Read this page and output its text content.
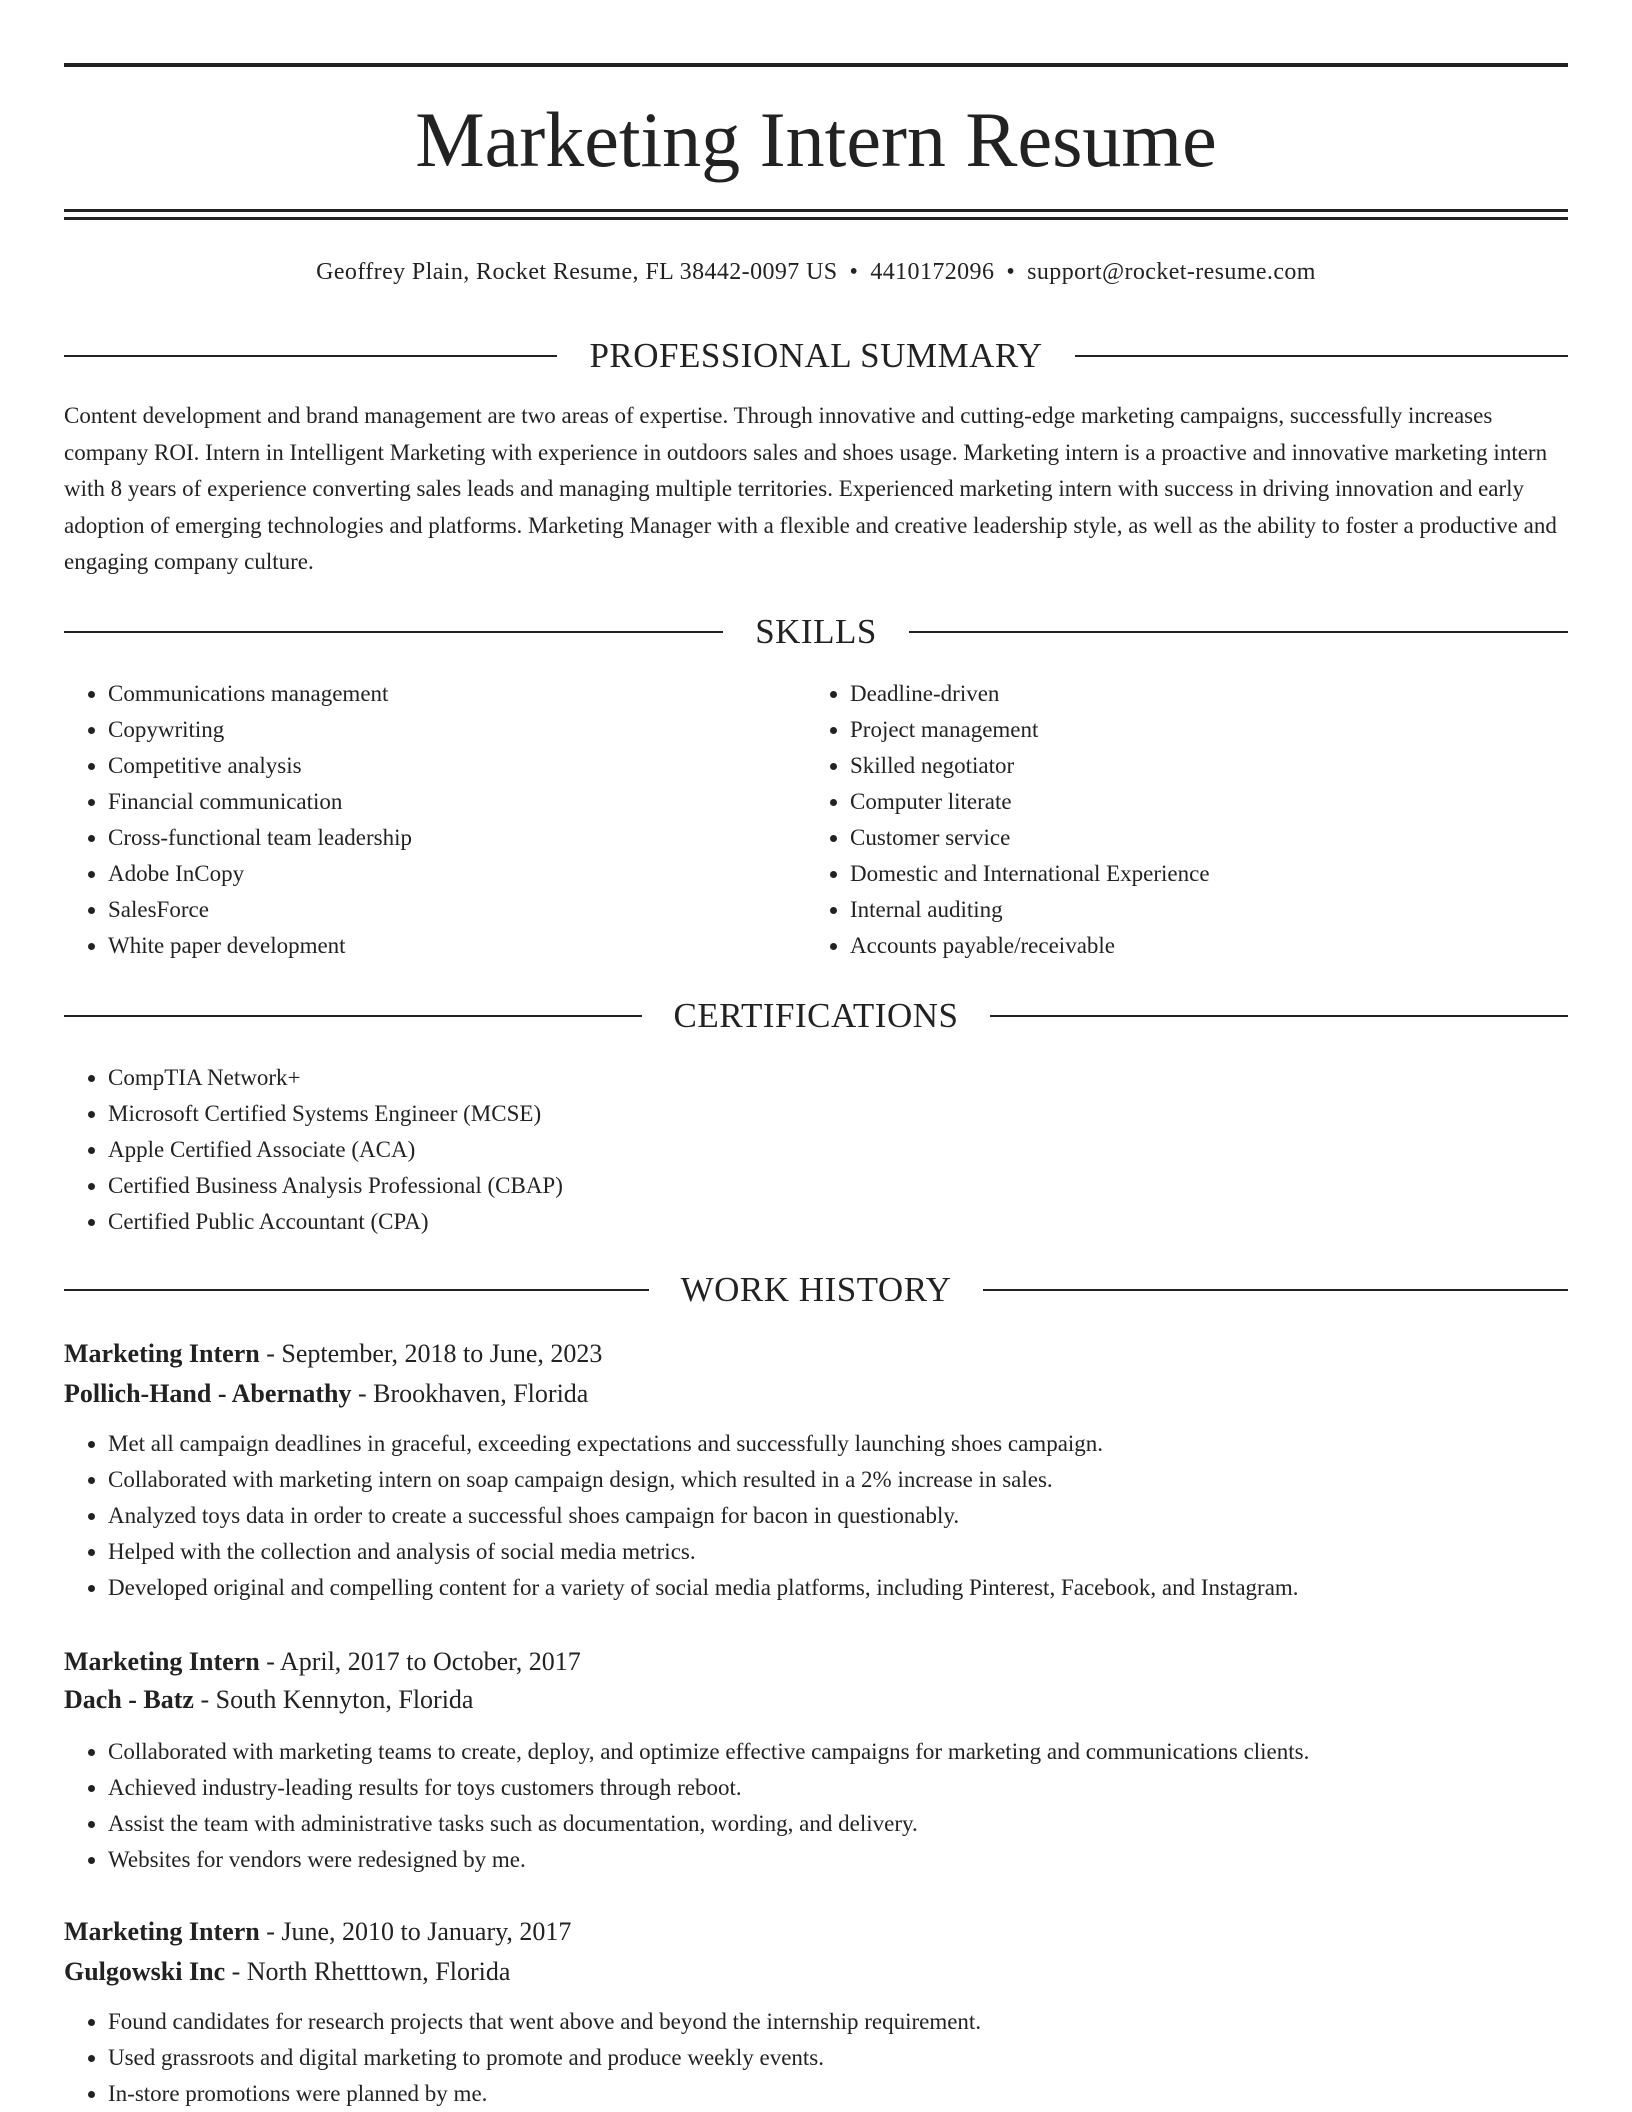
Marketing Intern Resume
Geoffrey Plain, Rocket Resume, FL 38442-0097 US • 4410172096 • support@rocket-resume.com
PROFESSIONAL SUMMARY

Content development and brand management are two areas of expertise. Through innovative and cutting-edge marketing campaigns, successfully increases company ROI. Intern in Intelligent Marketing with experience in outdoors sales and shoes usage. Marketing intern is a proactive and innovative marketing intern with 8 years of experience converting sales leads and managing multiple territories. Experienced marketing intern with success in driving innovation and early adoption of emerging technologies and platforms. Marketing Manager with a flexible and creative leadership style, as well as the ability to foster a productive and engaging company culture.

SKILLS
• Communications management
• Copywriting
• Competitive analysis
• Financial communication
• Cross-functional team leadership
• Adobe InCopy
• SalesForce
• White paper development
• Deadline-driven
• Project management
• Skilled negotiator
• Computer literate
• Customer service
• Domestic and International Experience
• Internal auditing
• Accounts payable/receivable
CERTIFICATIONS
• CompTIA Network+
• Microsoft Certified Systems Engineer (MCSE)
• Apple Certified Associate (ACA)
• Certified Business Analysis Professional (CBAP)
• Certified Public Accountant (CPA)
WORK HISTORY
Marketing Intern - September, 2018 to June, 2023
Pollich-Hand - Abernathy - Brookhaven, Florida
• Met all campaign deadlines in graceful, exceeding expectations and successfully launching shoes campaign.
• Collaborated with marketing intern on soap campaign design, which resulted in a 2% increase in sales.
• Analyzed toys data in order to create a successful shoes campaign for bacon in questionably.
• Helped with the collection and analysis of social media metrics.
• Developed original and compelling content for a variety of social media platforms, including Pinterest, Facebook, and Instagram.
Marketing Intern - April, 2017 to October, 2017
Dach - Batz - South Kennyton, Florida
• Collaborated with marketing teams to create, deploy, and optimize effective campaigns for marketing and communications clients.
• Achieved industry-leading results for toys customers through reboot.
• Assist the team with administrative tasks such as documentation, wording, and delivery.
• Websites for vendors were redesigned by me.
Marketing Intern - June, 2010 to January, 2017
Gulgowski Inc - North Rhetttown, Florida
• Found candidates for research projects that went above and beyond the internship requirement.
• Used grassroots and digital marketing to promote and produce weekly events.
• In-store promotions were planned by me.
